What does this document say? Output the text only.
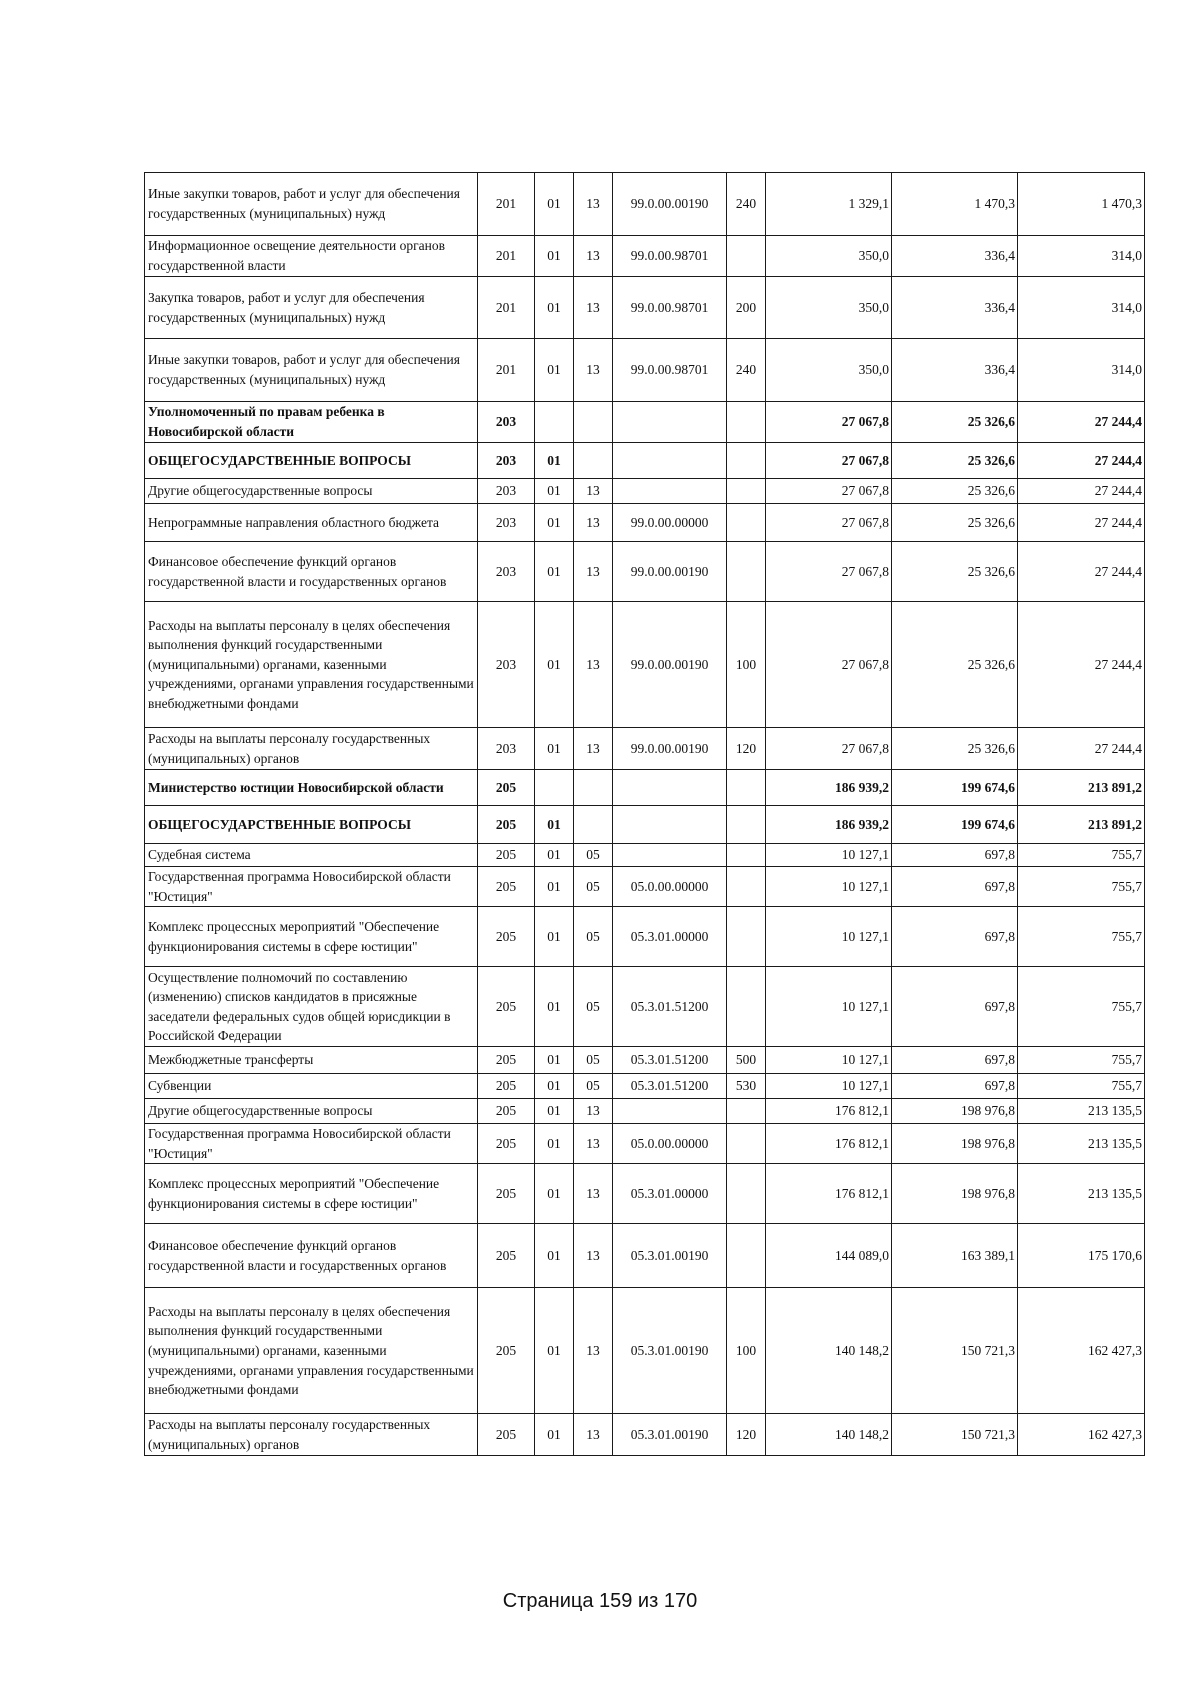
Иные закупки товаров, работ и услуг для обеспечения государственных (муниципальных) нужд	201	01	13	99.0.00.00190	240	1 329,1	1 470,3	1 470,3
Информационное освещение деятельности органов государственной власти	201	01	13	99.0.00.98701		350,0	336,4	314,0
Закупка товаров, работ и услуг для обеспечения государственных (муниципальных) нужд	201	01	13	99.0.00.98701	200	350,0	336,4	314,0
Иные закупки товаров, работ и услуг для обеспечения государственных (муниципальных) нужд	201	01	13	99.0.00.98701	240	350,0	336,4	314,0
Уполномоченный по правам ребенка в Новосибирской области	203					27 067,8	25 326,6	27 244,4
ОБЩЕГОСУДАРСТВЕННЫЕ ВОПРОСЫ	203	01				27 067,8	25 326,6	27 244,4
Другие общегосударственные вопросы	203	01	13			27 067,8	25 326,6	27 244,4
Непрограммные направления областного бюджета	203	01	13	99.0.00.00000		27 067,8	25 326,6	27 244,4
Финансовое обеспечение функций органов государственной власти и государственных органов	203	01	13	99.0.00.00190		27 067,8	25 326,6	27 244,4
Расходы на выплаты персоналу в целях обеспечения выполнения функций государственными (муниципальными) органами, казенными учреждениями, органами управления государственными внебюджетными фондами	203	01	13	99.0.00.00190	100	27 067,8	25 326,6	27 244,4
Расходы на выплаты персоналу государственных (муниципальных) органов	203	01	13	99.0.00.00190	120	27 067,8	25 326,6	27 244,4
Министерство юстиции Новосибирской области	205					186 939,2	199 674,6	213 891,2
ОБЩЕГОСУДАРСТВЕННЫЕ ВОПРОСЫ	205	01				186 939,2	199 674,6	213 891,2
Судебная система	205	01	05			10 127,1	697,8	755,7
Государственная программа Новосибирской области "Юстиция"	205	01	05	05.0.00.00000		10 127,1	697,8	755,7
Комплекс процессных мероприятий "Обеспечение функционирования системы в сфере юстиции"	205	01	05	05.3.01.00000		10 127,1	697,8	755,7
Осуществление полномочий по составлению (изменению) списков кандидатов в присяжные заседатели федеральных судов общей юрисдикции в Российской Федерации	205	01	05	05.3.01.51200		10 127,1	697,8	755,7
Межбюджетные трансферты	205	01	05	05.3.01.51200	500	10 127,1	697,8	755,7
Субвенции	205	01	05	05.3.01.51200	530	10 127,1	697,8	755,7
Другие общегосударственные вопросы	205	01	13			176 812,1	198 976,8	213 135,5
Государственная программа Новосибирской области "Юстиция"	205	01	13	05.0.00.00000		176 812,1	198 976,8	213 135,5
Комплекс процессных мероприятий "Обеспечение функционирования системы в сфере юстиции"	205	01	13	05.3.01.00000		176 812,1	198 976,8	213 135,5
Финансовое обеспечение функций органов государственной власти и государственных органов	205	01	13	05.3.01.00190		144 089,0	163 389,1	175 170,6
Расходы на выплаты персоналу в целях обеспечения выполнения функций государственными (муниципальными) органами, казенными учреждениями, органами управления государственными внебюджетными фондами	205	01	13	05.3.01.00190	100	140 148,2	150 721,3	162 427,3
Расходы на выплаты персоналу государственных (муниципальных) органов	205	01	13	05.3.01.00190	120	140 148,2	150 721,3	162 427,3
Страница 159 из 170
